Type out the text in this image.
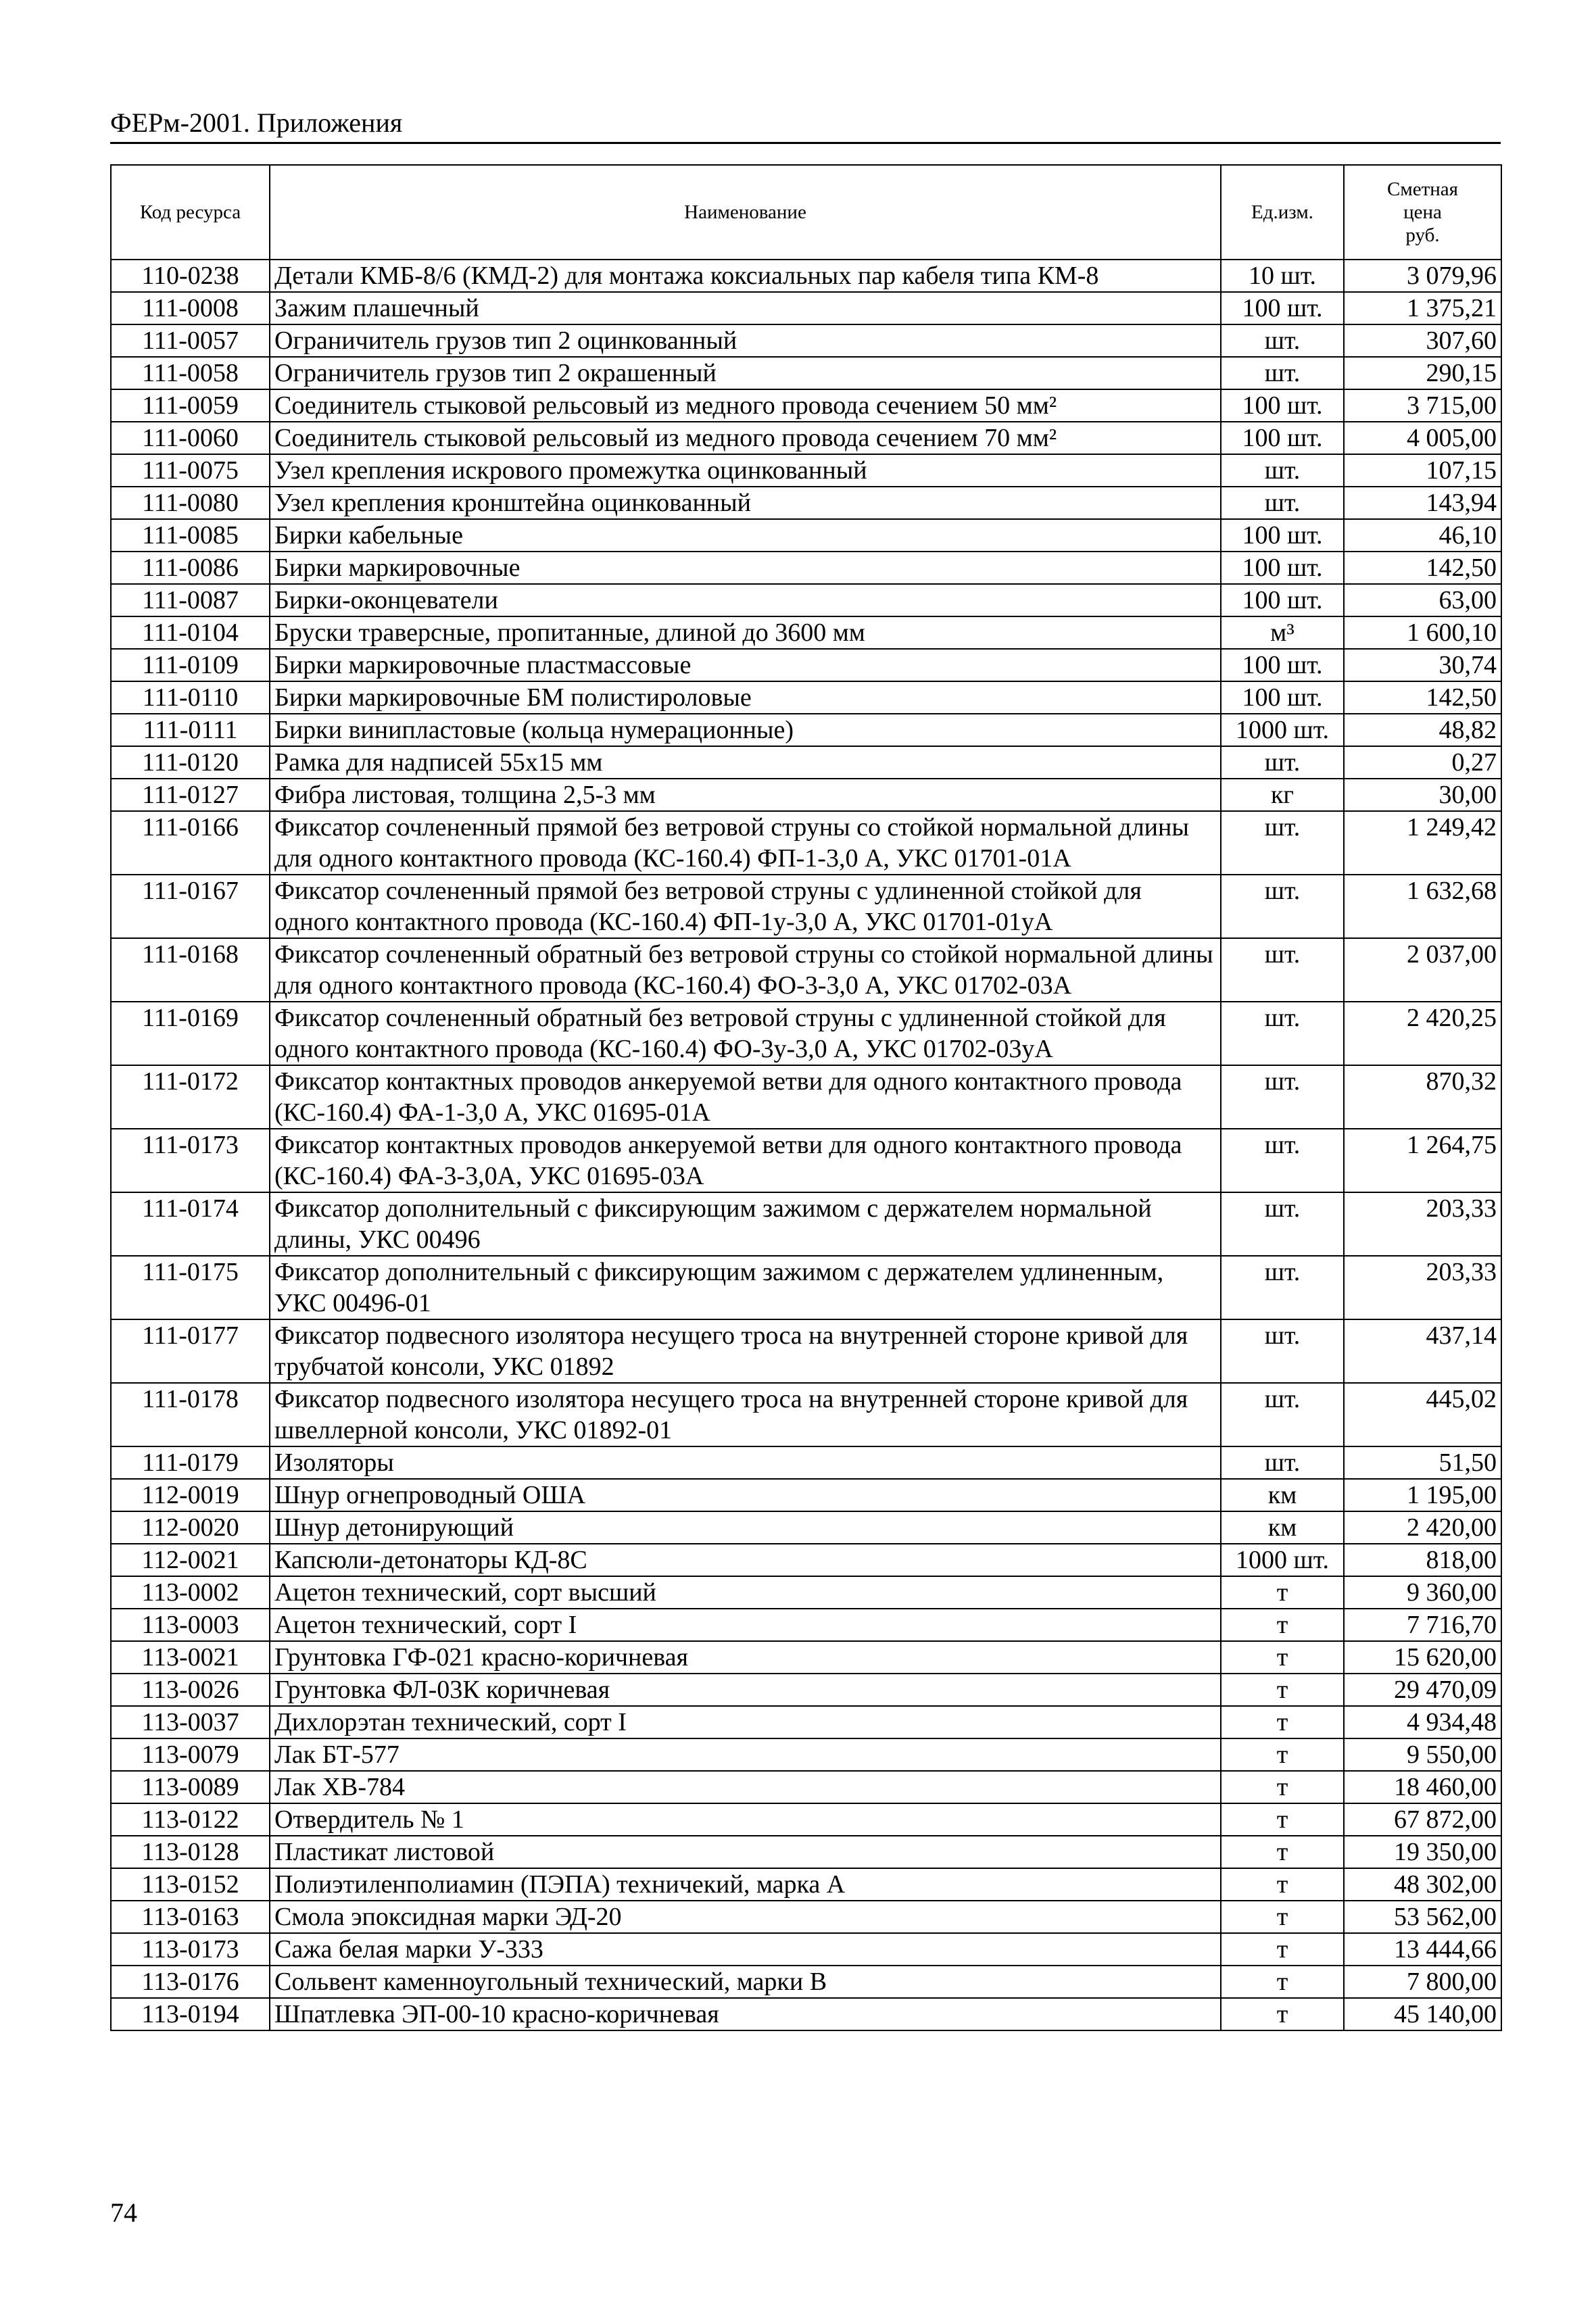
ФЕРм-2001. Приложения
Код ресурса	Наименование	Ед.изм.	Сметная
цена
руб.

110-0238	Детали КМБ-8/6 (КМД-2) для монтажа коксиальных пар кабеля типа КМ-8	10 шт.	3 079,96
111-0008	Зажим плашечный	100 шт.	1 375,21
111-0057	Ограничитель грузов тип 2 оцинкованный	шт.	307,60
111-0058	Ограничитель грузов тип 2 окрашенный	шт.	290,15
111-0059	Соединитель стыковой рельсовый из медного провода сечением 50 мм²	100 шт.	3 715,00
111-0060	Соединитель стыковой рельсовый из медного провода сечением 70 мм²	100 шт.	4 005,00
111-0075	Узел крепления искрового промежутка оцинкованный	шт.	107,15
111-0080	Узел крепления кронштейна оцинкованный	шт.	143,94
111-0085	Бирки кабельные	100 шт.	46,10
111-0086	Бирки маркировочные	100 шт.	142,50
111-0087	Бирки-оконцеватели	100 шт.	63,00
111-0104	Бруски траверсные, пропитанные, длиной до 3600 мм	м³	1 600,10
111-0109	Бирки маркировочные пластмассовые	100 шт.	30,74
111-0110	Бирки маркировочные БМ полистироловые	100 шт.	142,50
111-0111	Бирки винипластовые (кольца нумерационные)	1000 шт.	48,82
111-0120	Рамка для надписей 55x15 мм	шт.	0,27
111-0127	Фибра листовая, толщина 2,5-3 мм	кг	30,00
111-0166	Фиксатор сочлененный прямой без ветровой струны со стойкой нормальной длины для одного контактного провода (КС-160.4) ФП-1-3,0 А, УКС 01701-01А	шт.	1 249,42
111-0167	Фиксатор сочлененный прямой без ветровой струны с удлиненной стойкой для одного контактного провода (КС-160.4) ФП-1у-3,0 А, УКС 01701-01уА	шт.	1 632,68
111-0168	Фиксатор сочлененный обратный без ветровой струны со стойкой нормальной длины для одного контактного провода (КС-160.4) ФО-3-3,0 А, УКС 01702-03А	шт.	2 037,00
111-0169	Фиксатор сочлененный обратный без ветровой струны с удлиненной стойкой для одного контактного провода (КС-160.4) ФО-3у-3,0 А, УКС 01702-03уА	шт.	2 420,25
111-0172	Фиксатор контактных проводов анкеруемой ветви для одного контактного провода (КС-160.4) ФА-1-3,0 А, УКС 01695-01А	шт.	870,32
111-0173	Фиксатор контактных проводов анкеруемой ветви для одного контактного провода (КС-160.4) ФА-3-3,0А, УКС 01695-03А	шт.	1 264,75
111-0174	Фиксатор дополнительный с фиксирующим зажимом с держателем нормальной длины, УКС 00496	шт.	203,33
111-0175	Фиксатор дополнительный с фиксирующим зажимом с держателем удлиненным, УКС 00496-01	шт.	203,33
111-0177	Фиксатор подвесного изолятора несущего троса на внутренней стороне кривой для трубчатой консоли, УКС 01892	шт.	437,14
111-0178	Фиксатор подвесного изолятора несущего троса на внутренней стороне кривой для швеллерной консоли, УКС 01892-01	шт.	445,02
111-0179	Изоляторы	шт.	51,50
112-0019	Шнур огнепроводный ОША	км	1 195,00
112-0020	Шнур детонирующий	км	2 420,00
112-0021	Капсюли-детонаторы КД-8С	1000 шт.	818,00
113-0002	Ацетон технический, сорт высший	т	9 360,00
113-0003	Ацетон технический, сорт I	т	7 716,70
113-0021	Грунтовка ГФ-021 красно-коричневая	т	15 620,00
113-0026	Грунтовка ФЛ-03К коричневая	т	29 470,09
113-0037	Дихлорэтан технический, сорт I	т	4 934,48
113-0079	Лак БТ-577	т	9 550,00
113-0089	Лак ХВ-784	т	18 460,00
113-0122	Отвердитель № 1	т	67 872,00
113-0128	Пластикат листовой	т	19 350,00
113-0152	Полиэтиленполиамин (ПЭПА) техничекий, марка А	т	48 302,00
113-0163	Смола эпоксидная марки ЭД-20	т	53 562,00
113-0173	Сажа белая марки У-333	т	13 444,66
113-0176	Сольвент каменноугольный технический, марки В	т	7 800,00
113-0194	Шпатлевка ЭП-00-10 красно-коричневая	т	45 140,00
74
